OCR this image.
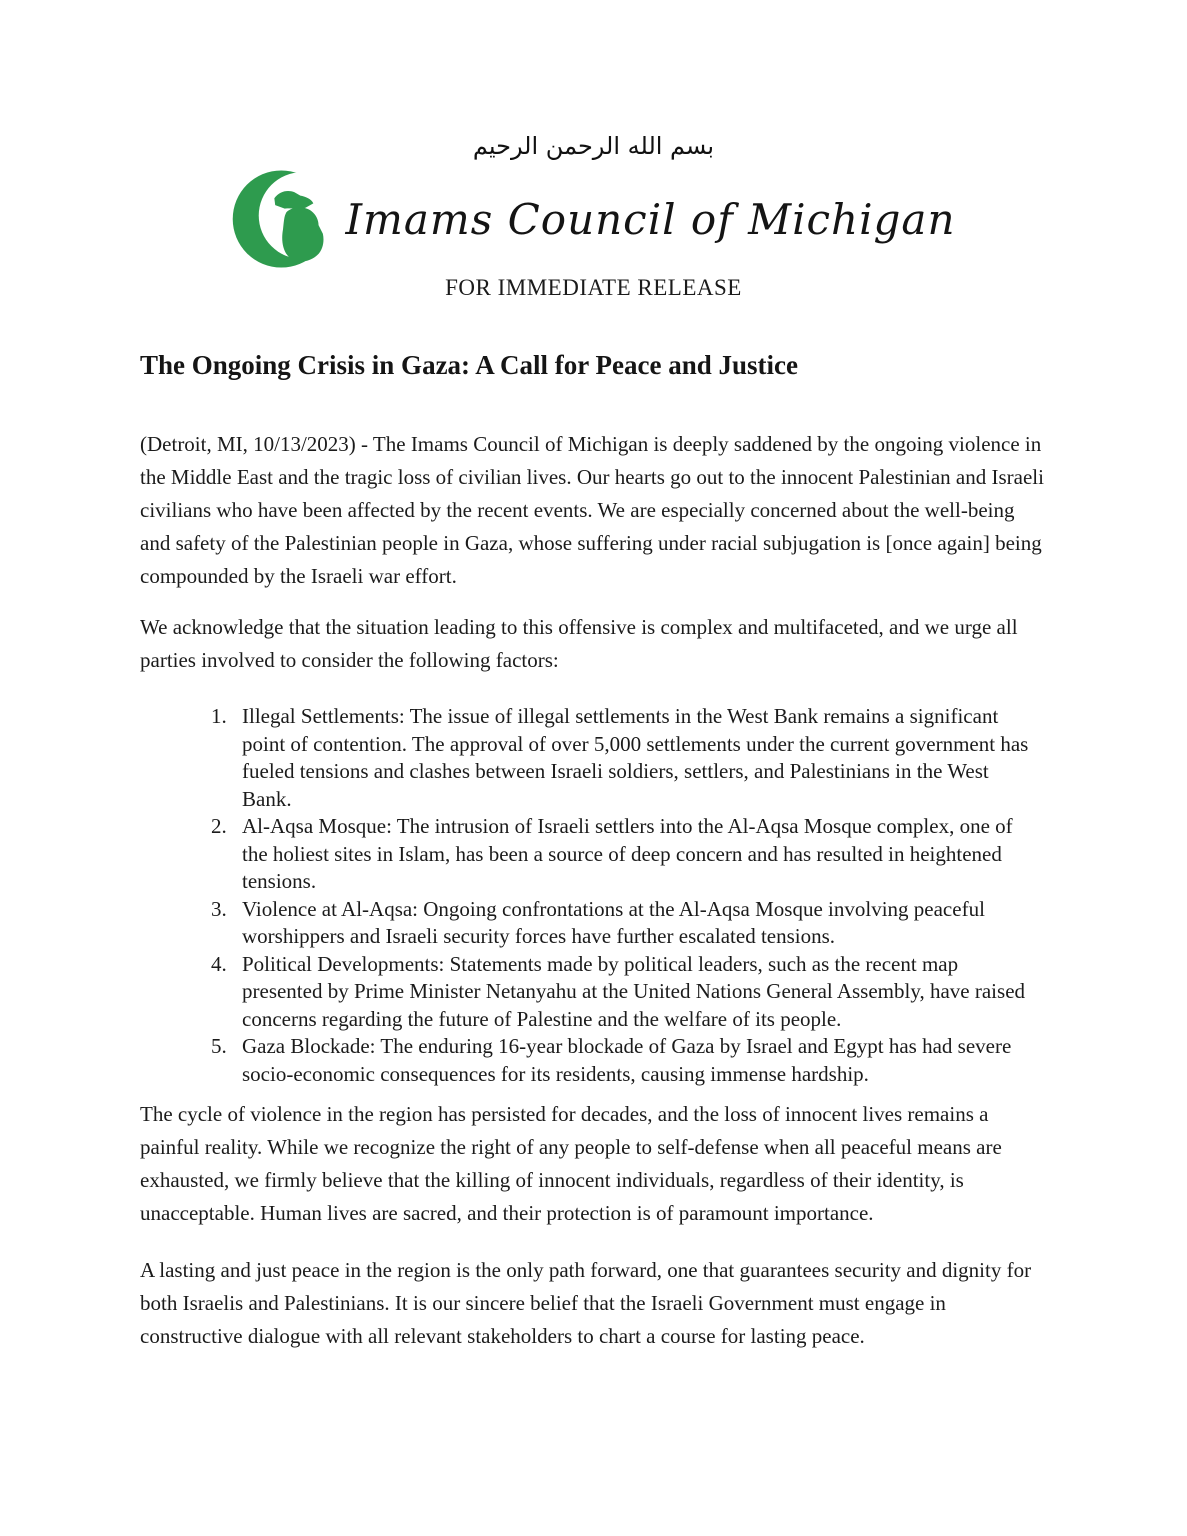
بسم الله الرحمن الرحيم
Imams Council of Michigan
FOR IMMEDIATE RELEASE
The Ongoing Crisis in Gaza: A Call for Peace and Justice

(Detroit, MI, 10/13/2023) - The Imams Council of Michigan is deeply saddened by the ongoing violence in the Middle East and the tragic loss of civilian lives. Our hearts go out to the innocent Palestinian and Israeli civilians who have been affected by the recent events. We are especially concerned about the well-being and safety of the Palestinian people in Gaza, whose suffering under racial subjugation is [once again] being compounded by the Israeli war effort.

We acknowledge that the situation leading to this offensive is complex and multifaceted, and we urge all parties involved to consider the following factors:

1. Illegal Settlements: The issue of illegal settlements in the West Bank remains a significant point of contention. The approval of over 5,000 settlements under the current government has fueled tensions and clashes between Israeli soldiers, settlers, and Palestinians in the West Bank.
2. Al-Aqsa Mosque: The intrusion of Israeli settlers into the Al-Aqsa Mosque complex, one of the holiest sites in Islam, has been a source of deep concern and has resulted in heightened tensions.
3. Violence at Al-Aqsa: Ongoing confrontations at the Al-Aqsa Mosque involving peaceful worshippers and Israeli security forces have further escalated tensions.
4. Political Developments: Statements made by political leaders, such as the recent map presented by Prime Minister Netanyahu at the United Nations General Assembly, have raised concerns regarding the future of Palestine and the welfare of its people.
5. Gaza Blockade: The enduring 16-year blockade of Gaza by Israel and Egypt has had severe socio-economic consequences for its residents, causing immense hardship.

The cycle of violence in the region has persisted for decades, and the loss of innocent lives remains a painful reality. While we recognize the right of any people to self-defense when all peaceful means are exhausted, we firmly believe that the killing of innocent individuals, regardless of their identity, is unacceptable. Human lives are sacred, and their protection is of paramount importance.

A lasting and just peace in the region is the only path forward, one that guarantees security and dignity for both Israelis and Palestinians. It is our sincere belief that the Israeli Government must engage in constructive dialogue with all relevant stakeholders to chart a course for lasting peace.
